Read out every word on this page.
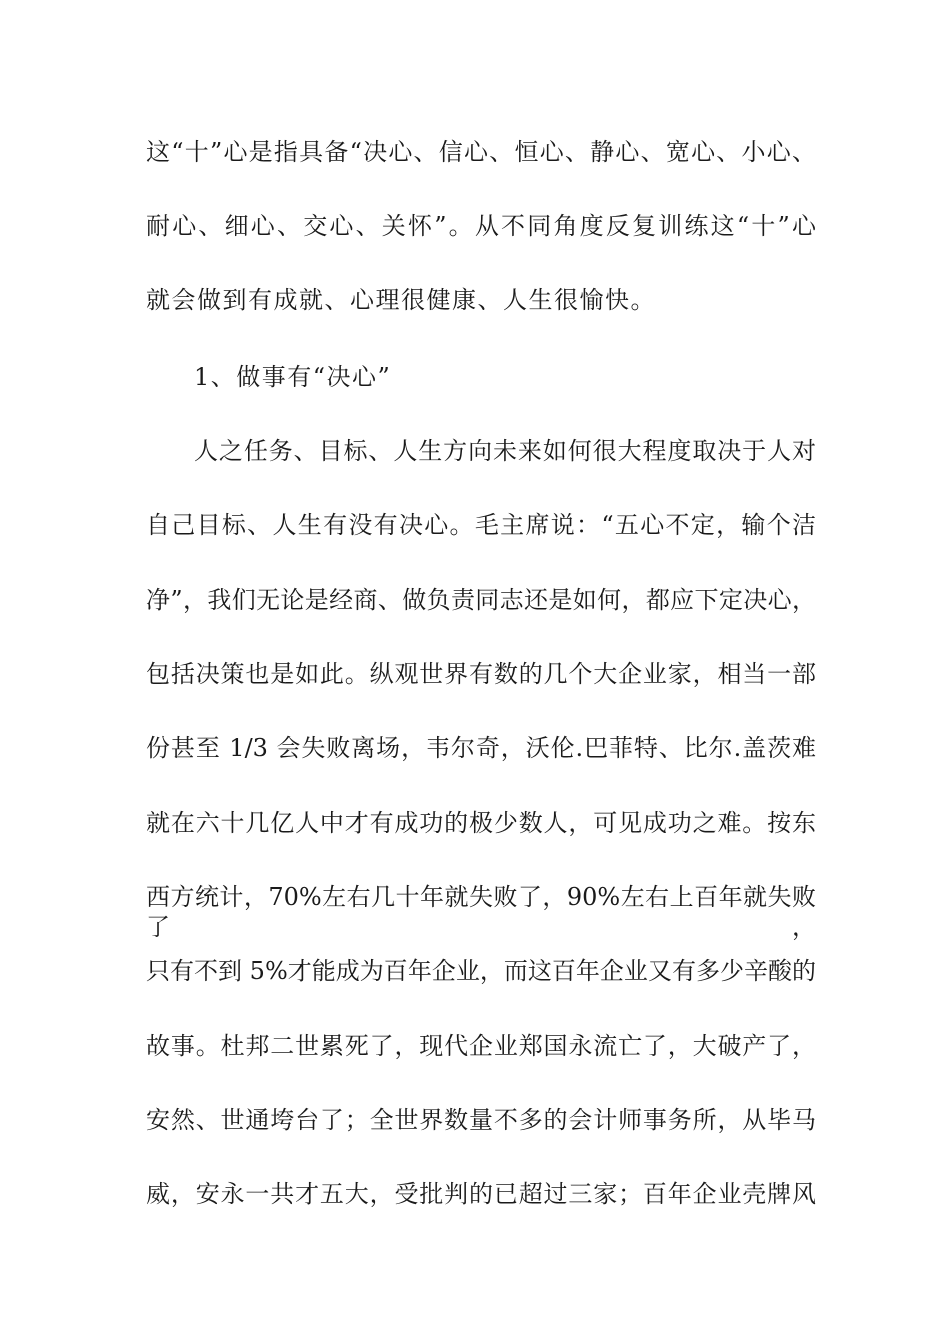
这“十”心是指具备“决心、信心、恒心、静心、宽心、小心、

耐心、细心、交心、关怀”。从不同角度反复训练这“十”心

就会做到有成就、心理很健康、人生很愉快。

1、做事有“决心”

人之任务、目标、人生方向未来如何很大程度取决于人对

自己目标、人生有没有决心。毛主席说：“五心不定，输个洁

净”，我们无论是经商、做负责同志还是如何，都应下定决心，

包括决策也是如此。纵观世界有数的几个大企业家，相当一部

份甚至 1/3 会失败离场，韦尔奇，沃伦.巴菲特、比尔.盖茨难

就在六十几亿人中才有成功的极少数人，可见成功之难。按东

西方统计，70%左右几十年就失败了，90%左右上百年就失败了，

只有不到 5%才能成为百年企业，而这百年企业又有多少辛酸的

故事。杜邦二世累死了，现代企业郑国永流亡了，大破产了，

安然、世通垮台了；全世界数量不多的会计师事务所，从毕马

威，安永一共才五大，受批判的已超过三家；百年企业壳牌风
